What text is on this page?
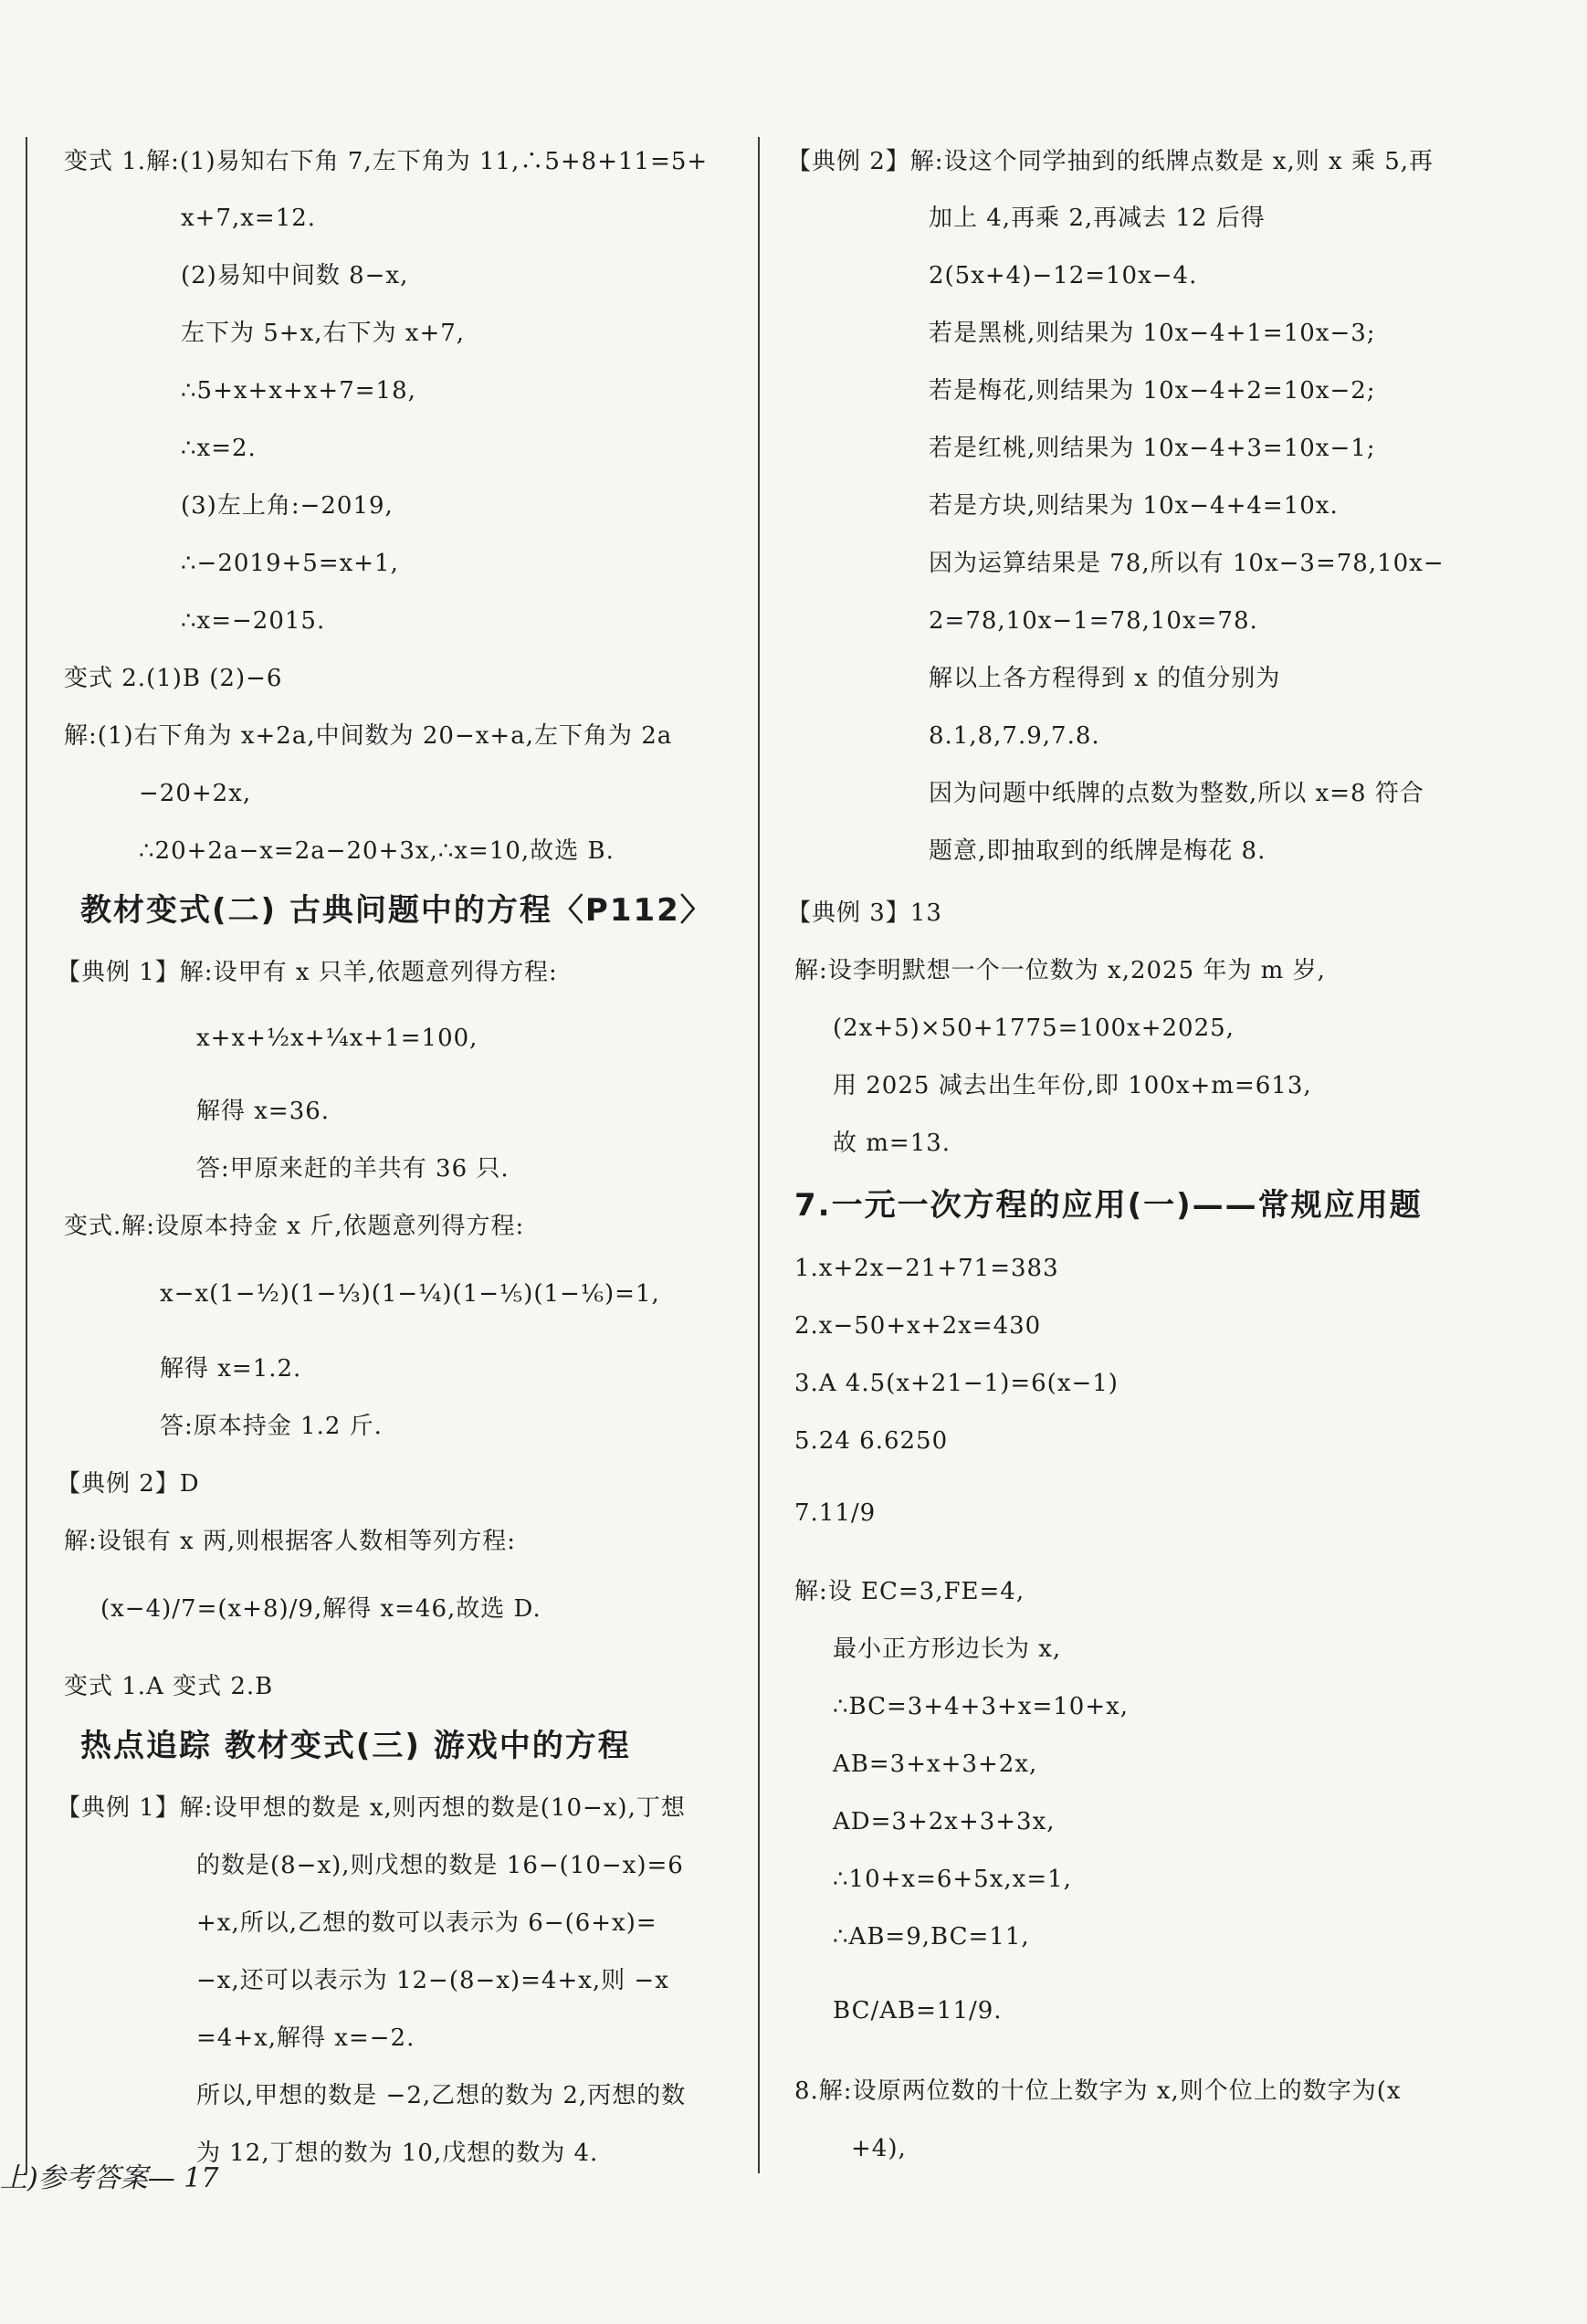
变式 1.解:(1)易知右下角 7,左下角为 11,∴5+8+11=5+
x+7,x=12.
(2)易知中间数 8−x,
左下为 5+x,右下为 x+7,
∴5+x+x+x+7=18,
∴x=2.
(3)左上角:−2019,
∴−2019+5=x+1,
∴x=−2015.
变式 2.(1)B (2)−6
解:(1)右下角为 x+2a,中间数为 20−x+a,左下角为 2a
−20+2x,
∴20+2a−x=2a−20+3x,∴x=10,故选 B.
教材变式(二) 古典问题中的方程〈P112〉
【典例 1】解:设甲有 x 只羊,依题意列得方程:
x+x+½x+¼x+1=100,
解得 x=36.
答:甲原来赶的羊共有 36 只.
变式.解:设原本持金 x 斤,依题意列得方程:
x−x(1−½)(1−⅓)(1−¼)(1−⅕)(1−⅙)=1,
解得 x=1.2.
答:原本持金 1.2 斤.
【典例 2】D
解:设银有 x 两,则根据客人数相等列方程:
(x−4)/7=(x+8)/9,解得 x=46,故选 D.
变式 1.A 变式 2.B
热点追踪 教材变式(三) 游戏中的方程
【典例 1】解:设甲想的数是 x,则丙想的数是(10−x),丁想
的数是(8−x),则戊想的数是 16−(10−x)=6
+x,所以,乙想的数可以表示为 6−(6+x)=
−x,还可以表示为 12−(8−x)=4+x,则 −x
=4+x,解得 x=−2.
所以,甲想的数是 −2,乙想的数为 2,丙想的数
为 12,丁想的数为 10,戊想的数为 4.
【典例 2】解:设这个同学抽到的纸牌点数是 x,则 x 乘 5,再
加上 4,再乘 2,再减去 12 后得
2(5x+4)−12=10x−4.
若是黑桃,则结果为 10x−4+1=10x−3;
若是梅花,则结果为 10x−4+2=10x−2;
若是红桃,则结果为 10x−4+3=10x−1;
若是方块,则结果为 10x−4+4=10x.
因为运算结果是 78,所以有 10x−3=78,10x−
2=78,10x−1=78,10x=78.
解以上各方程得到 x 的值分别为
8.1,8,7.9,7.8.
因为问题中纸牌的点数为整数,所以 x=8 符合
题意,即抽取到的纸牌是梅花 8.
【典例 3】13
解:设李明默想一个一位数为 x,2025 年为 m 岁,
(2x+5)×50+1775=100x+2025,
用 2025 减去出生年份,即 100x+m=613,
故 m=13.
7.一元一次方程的应用(一)——常规应用题
1.x+2x−21+71=383
2.x−50+x+2x=430
3.A 4.5(x+21−1)=6(x−1)
5.24 6.6250
7.11/9
解:设 EC=3,FE=4,
最小正方形边长为 x,
∴BC=3+4+3+x=10+x,
AB=3+x+3+2x,
AD=3+2x+3+3x,
∴10+x=6+5x,x=1,
∴AB=9,BC=11,
BC/AB=11/9.
8.解:设原两位数的十位上数字为 x,则个位上的数字为(x
+4),
上)参考答案— 17
